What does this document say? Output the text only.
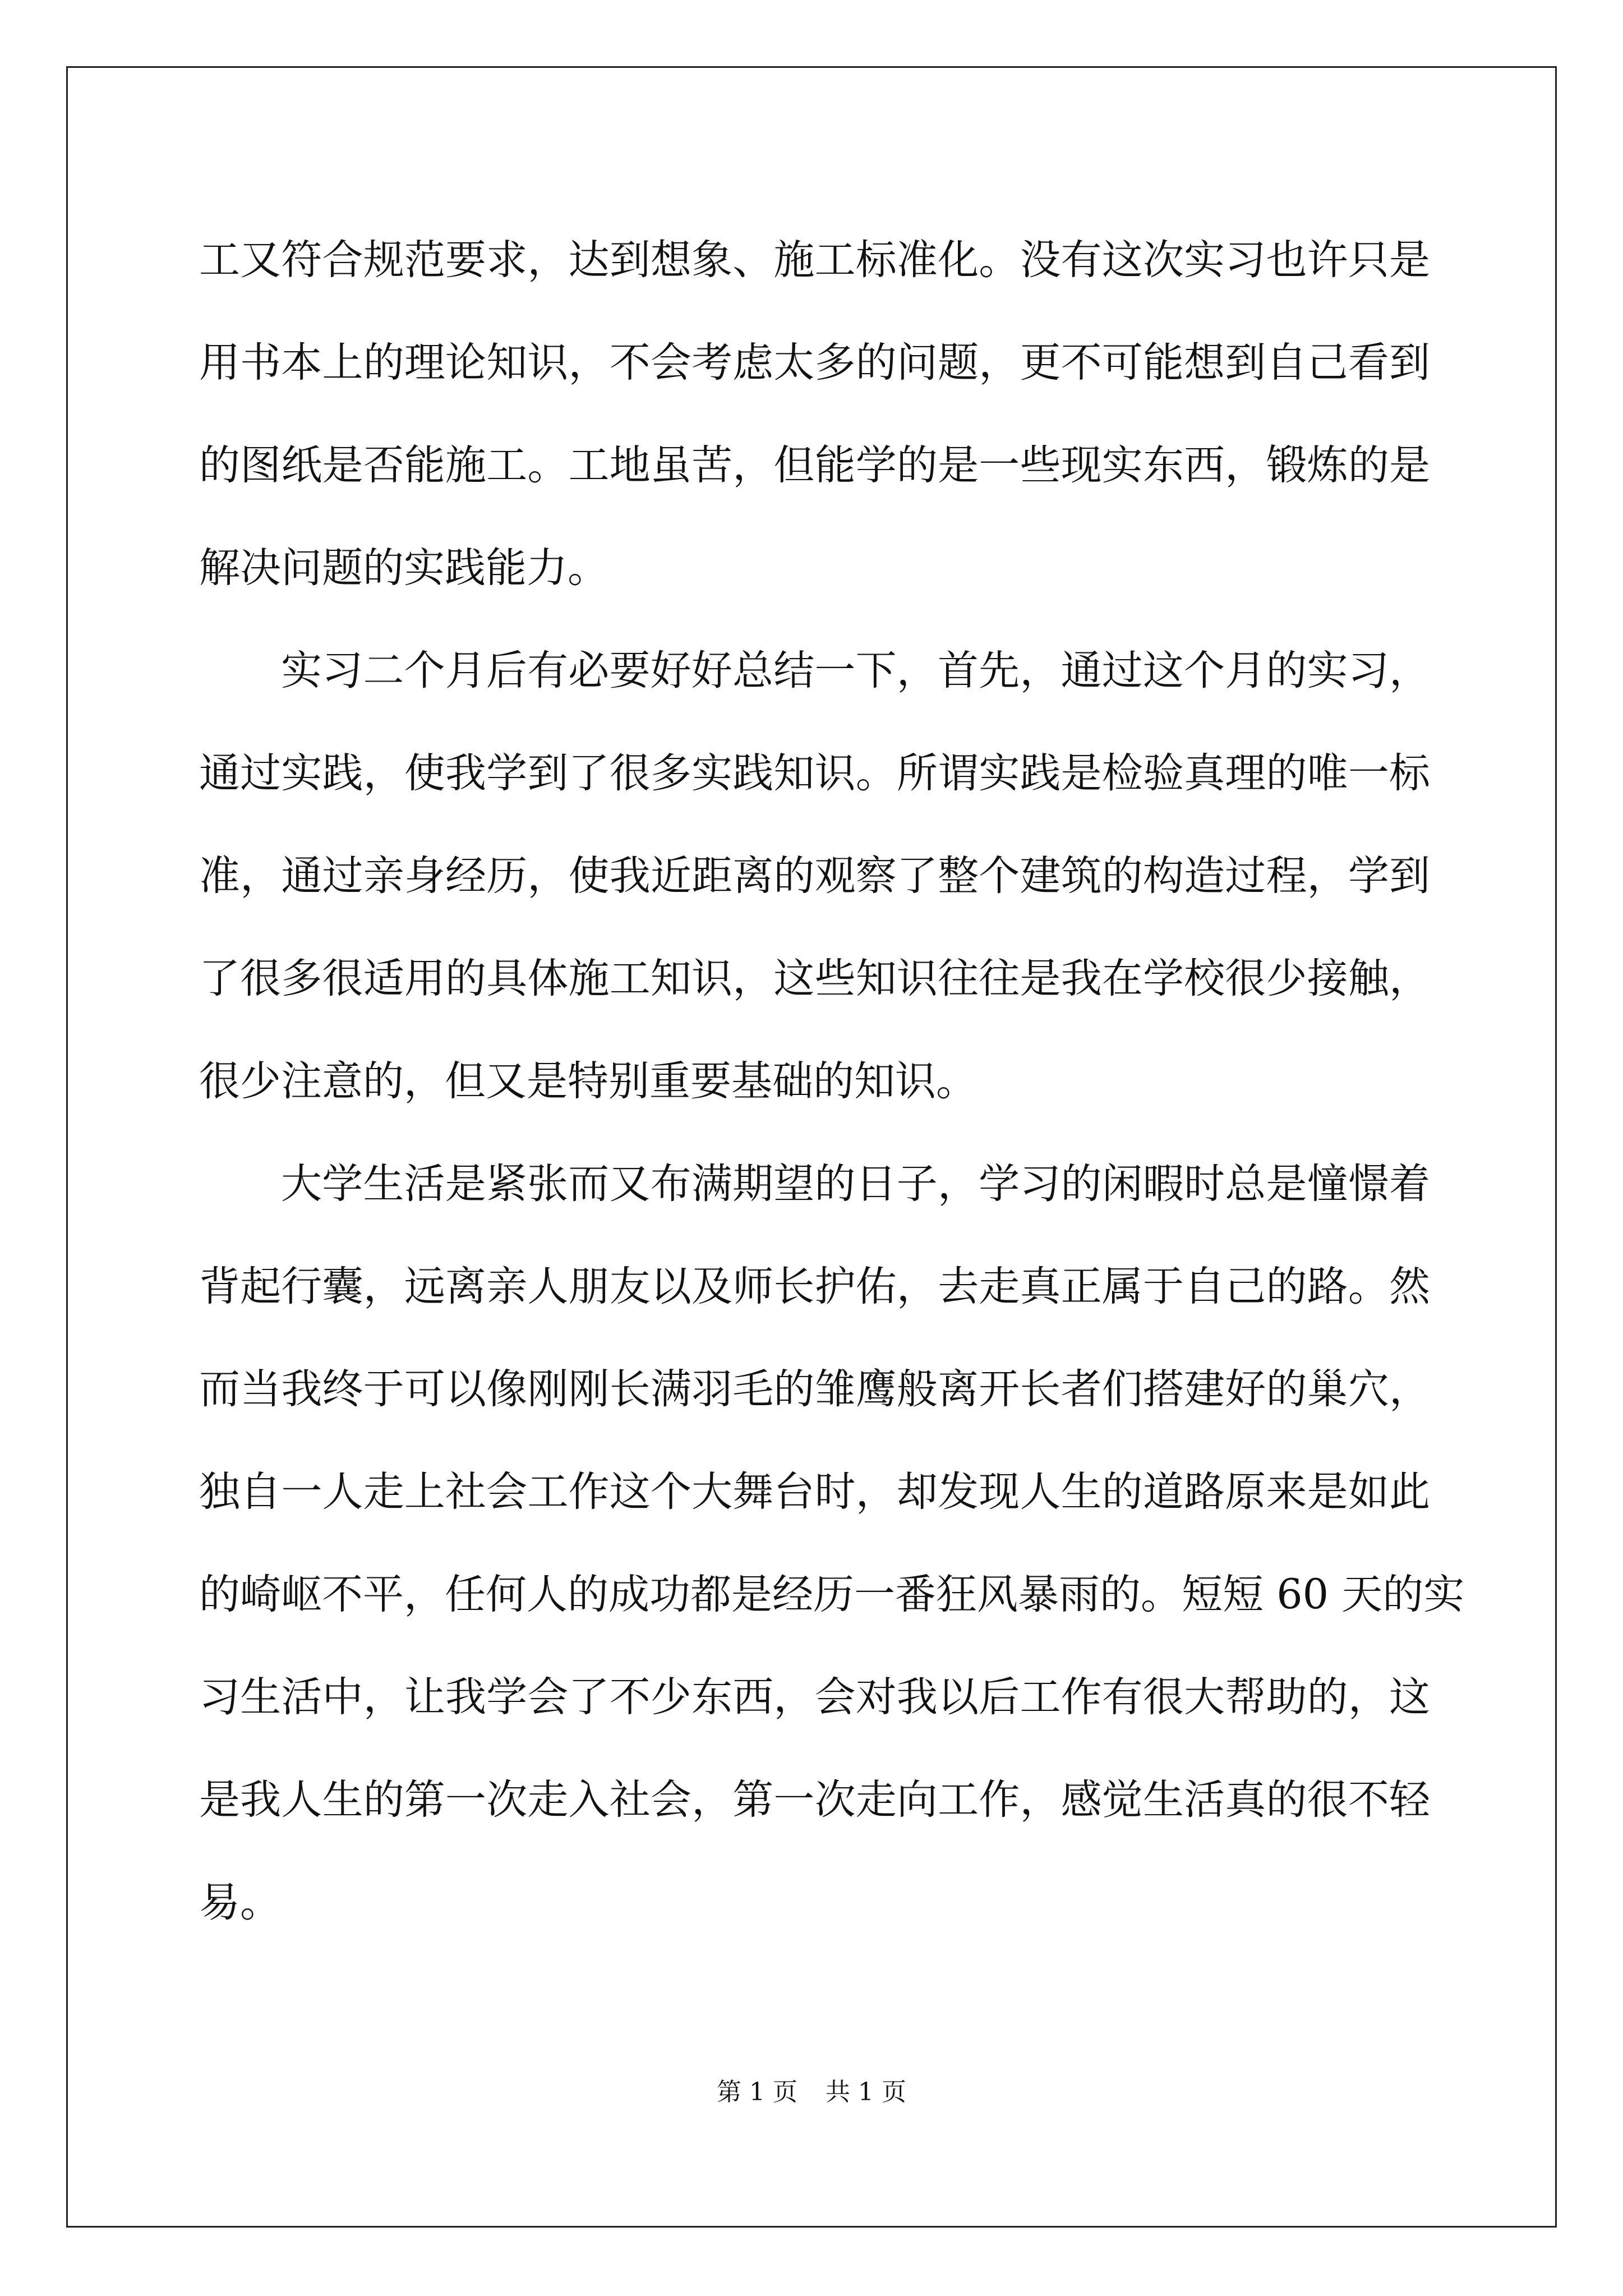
工又符合规范要求，达到想象、施工标准化。没有这次实习也许只是
用书本上的理论知识，不会考虑太多的问题，更不可能想到自己看到
的图纸是否能施工。工地虽苦，但能学的是一些现实东西，锻炼的是
解决问题的实践能力。
实习二个月后有必要好好总结一下，首先，通过这个月的实习，
通过实践，使我学到了很多实践知识。所谓实践是检验真理的唯一标
准，通过亲身经历，使我近距离的观察了整个建筑的构造过程，学到
了很多很适用的具体施工知识，这些知识往往是我在学校很少接触，
很少注意的，但又是特别重要基础的知识。
大学生活是紧张而又布满期望的日子，学习的闲暇时总是憧憬着
背起行囊，远离亲人朋友以及师长护佑，去走真正属于自己的路。然
而当我终于可以像刚刚长满羽毛的雏鹰般离开长者们搭建好的巢穴，
独自一人走上社会工作这个大舞台时，却发现人生的道路原来是如此
的崎岖不平，任何人的成功都是经历一番狂风暴雨的。短短 60 天的实
习生活中，让我学会了不少东西，会对我以后工作有很大帮助的，这
是我人生的第一次走入社会，第一次走向工作，感觉生活真的很不轻
易。
第 1 页 共 1 页
